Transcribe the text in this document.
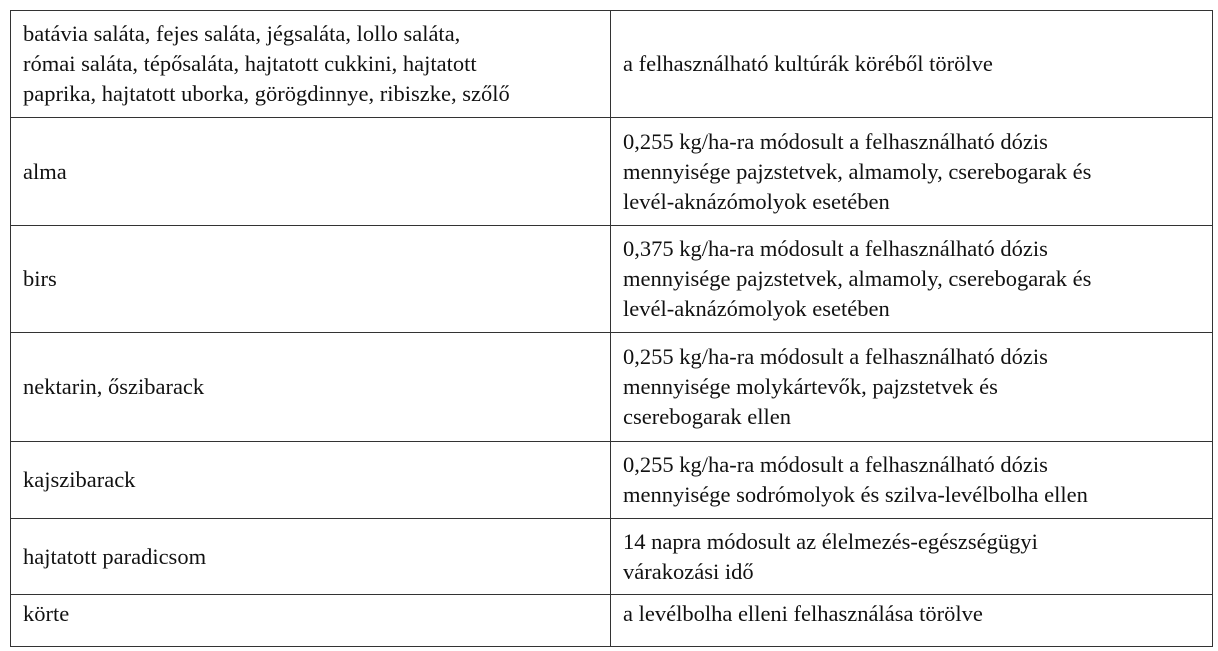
batávia saláta, fejes saláta, jégsaláta, lollo saláta,
római saláta, tépősaláta, hajtatott cukkini, hajtatott
paprika, hajtatott uborka, görögdinnye, ribiszke, szőlő	a felhasználható kultúrák köréből törölve
alma	0,255 kg/ha-ra módosult a felhasználható dózis
mennyisége pajzstetvek, almamoly, cserebogarak és
levél-aknázómolyok esetében
birs	0,375 kg/ha-ra módosult a felhasználható dózis
mennyisége pajzstetvek, almamoly, cserebogarak és
levél-aknázómolyok esetében
nektarin, őszibarack	0,255 kg/ha-ra módosult a felhasználható dózis
mennyisége molykártevők, pajzstetvek és
cserebogarak ellen
kajszibarack	0,255 kg/ha-ra módosult a felhasználható dózis
mennyisége sodrómolyok és szilva-levélbolha ellen
hajtatott paradicsom	14 napra módosult az élelmezés-egészségügyi
várakozási idő
körte	a levélbolha elleni felhasználása törölve
